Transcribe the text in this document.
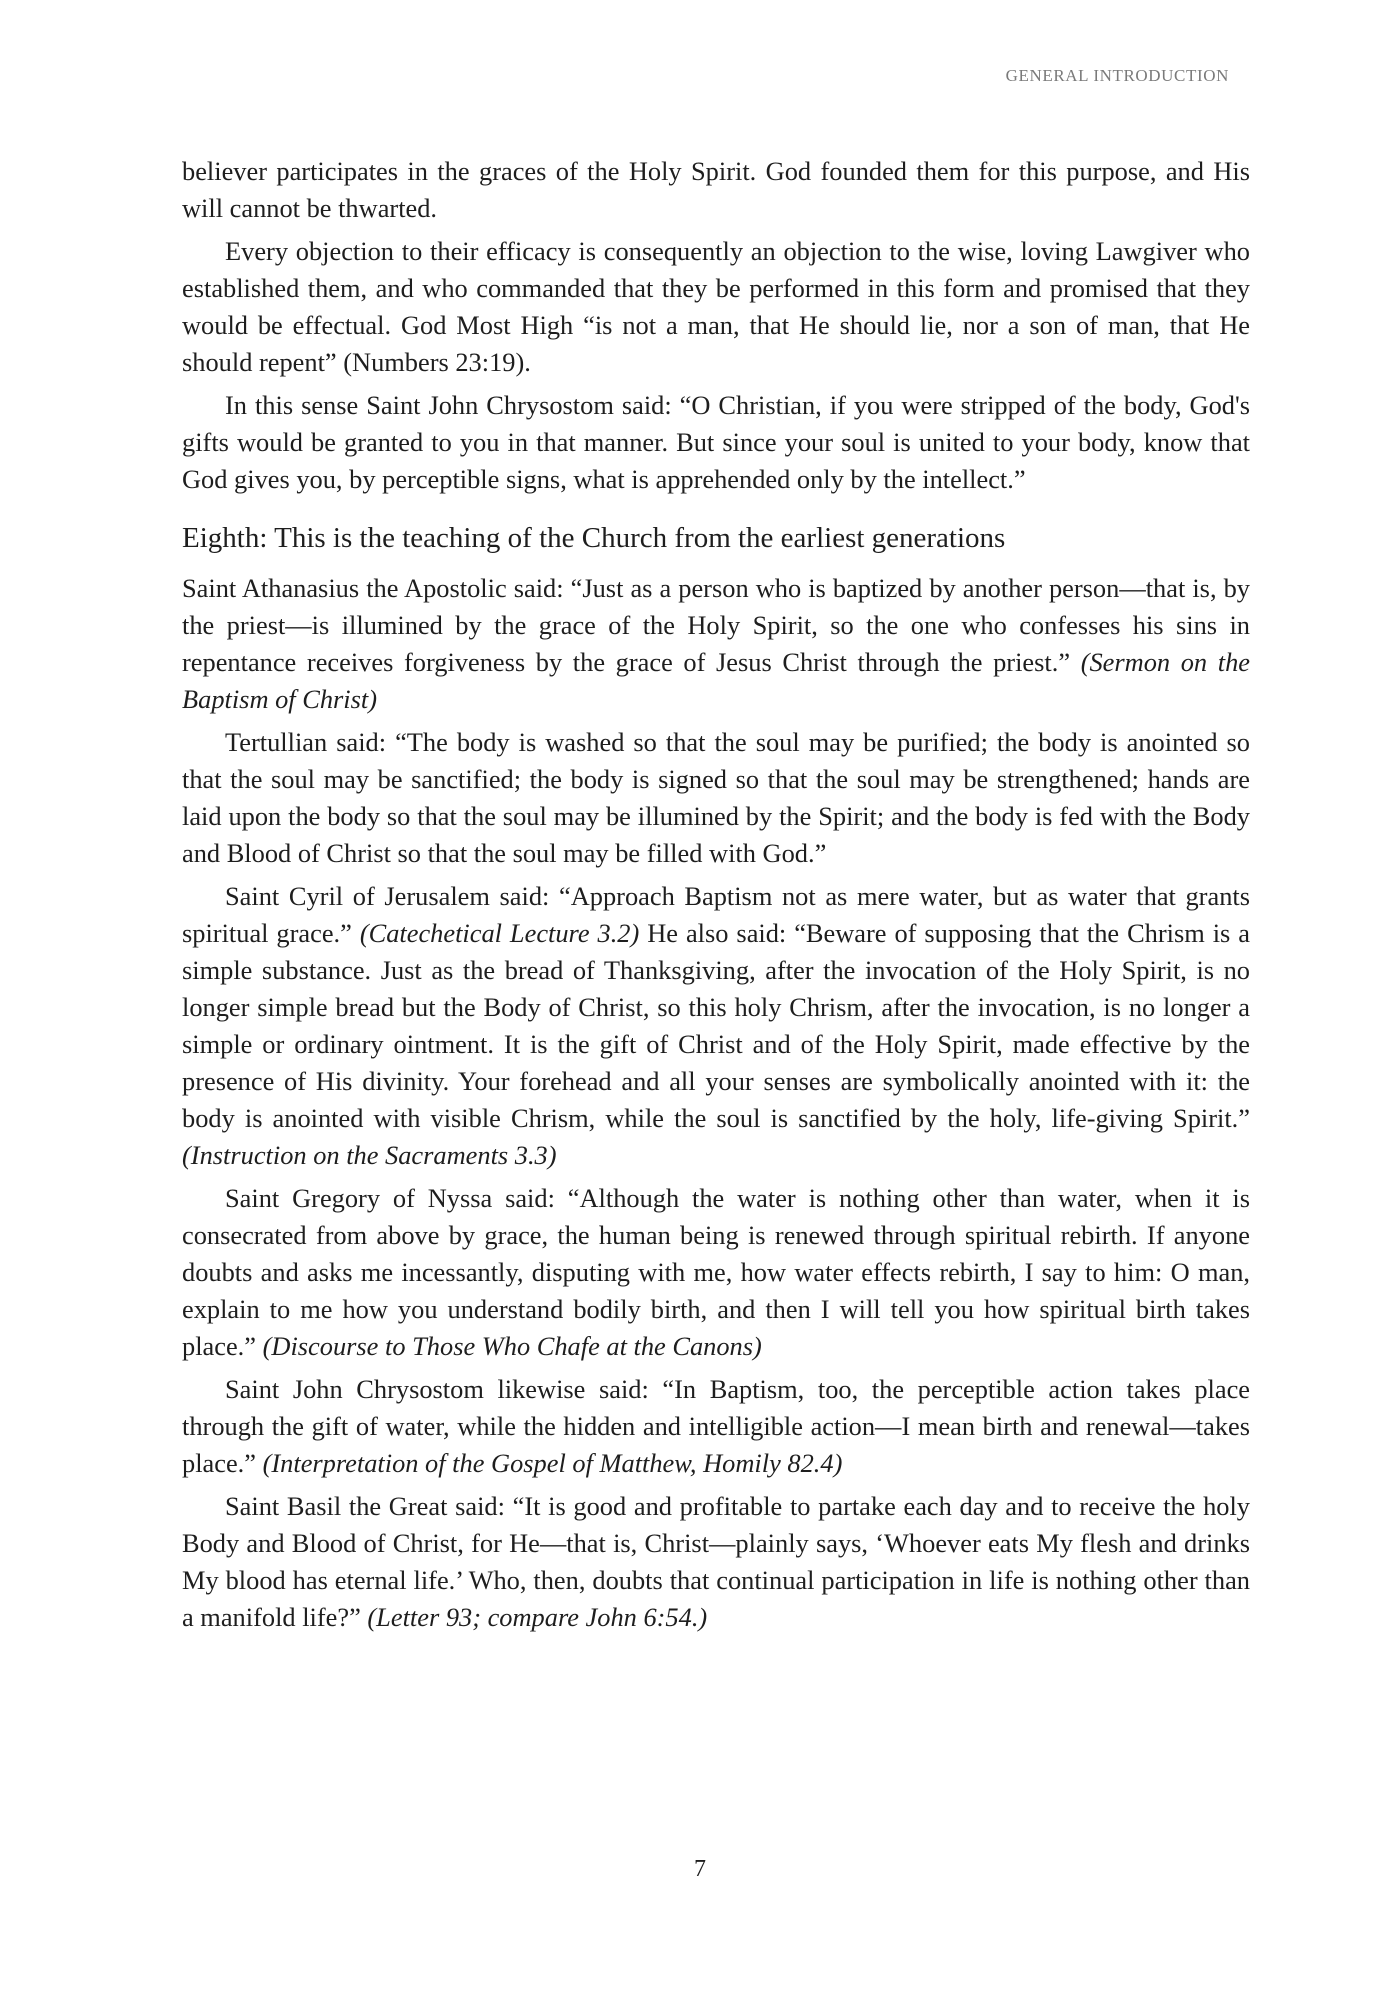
GENERAL INTRODUCTION

believer participates in the graces of the Holy Spirit. God founded them for this purpose, and His will cannot be thwarted.

Every objection to their efficacy is consequently an objection to the wise, loving Lawgiver who established them, and who commanded that they be performed in this form and promised that they would be effectual. God Most High “is not a man, that He should lie, nor a son of man, that He should repent” (Numbers 23:19).

In this sense Saint John Chrysostom said: “O Christian, if you were stripped of the body, God's gifts would be granted to you in that manner. But since your soul is united to your body, know that God gives you, by perceptible signs, what is apprehended only by the intellect.”

Eighth: This is the teaching of the Church from the earliest generations

Saint Athanasius the Apostolic said: “Just as a person who is baptized by another person—that is, by the priest—is illumined by the grace of the Holy Spirit, so the one who confesses his sins in repentance receives forgiveness by the grace of Jesus Christ through the priest.” (Sermon on the Baptism of Christ)

Tertullian said: “The body is washed so that the soul may be purified; the body is anointed so that the soul may be sanctified; the body is signed so that the soul may be strengthened; hands are laid upon the body so that the soul may be illumined by the Spirit; and the body is fed with the Body and Blood of Christ so that the soul may be filled with God.”

Saint Cyril of Jerusalem said: “Approach Baptism not as mere water, but as water that grants spiritual grace.” (Catechetical Lecture 3.2) He also said: “Beware of supposing that the Chrism is a simple substance. Just as the bread of Thanksgiving, after the invocation of the Holy Spirit, is no longer simple bread but the Body of Christ, so this holy Chrism, after the invocation, is no longer a simple or ordinary ointment. It is the gift of Christ and of the Holy Spirit, made effective by the presence of His divinity. Your forehead and all your senses are symbolically anointed with it: the body is anointed with visible Chrism, while the soul is sanctified by the holy, life-giving Spirit.” (Instruction on the Sacraments 3.3)

Saint Gregory of Nyssa said: “Although the water is nothing other than water, when it is consecrated from above by grace, the human being is renewed through spiritual rebirth. If anyone doubts and asks me incessantly, disputing with me, how water effects rebirth, I say to him: O man, explain to me how you understand bodily birth, and then I will tell you how spiritual birth takes place.” (Discourse to Those Who Chafe at the Canons)

Saint John Chrysostom likewise said: “In Baptism, too, the perceptible action takes place through the gift of water, while the hidden and intelligible action—I mean birth and renewal—takes place.” (Interpretation of the Gospel of Matthew, Homily 82.4)

Saint Basil the Great said: “It is good and profitable to partake each day and to receive the holy Body and Blood of Christ, for He—that is, Christ—plainly says, ‘Whoever eats My flesh and drinks My blood has eternal life.’ Who, then, doubts that continual participation in life is nothing other than a manifold life?” (Letter 93; compare John 6:54.)

7
